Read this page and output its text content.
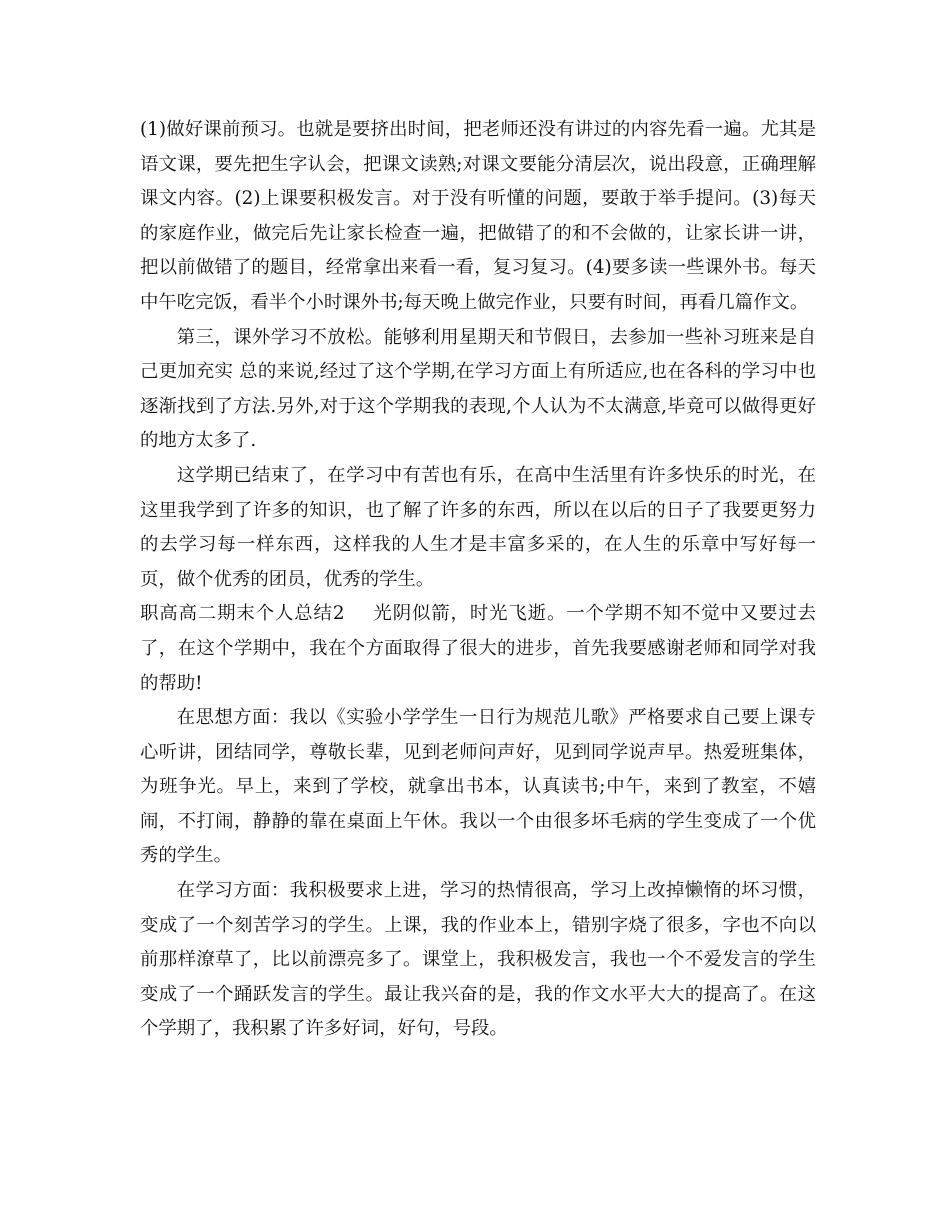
(1)做好课前预习。也就是要挤出时间，把老师还没有讲过的内容先看一遍。尤其是语文课，要先把生字认会，把课文读熟;对课文要能分清层次，说出段意，正确理解课文内容。(2)上课要积极发言。对于没有听懂的问题，要敢于举手提问。(3)每天的家庭作业，做完后先让家长检查一遍，把做错了的和不会做的，让家长讲一讲，把以前做错了的题目，经常拿出来看一看，复习复习。(4)要多读一些课外书。每天中午吃完饭，看半个小时课外书;每天晚上做完作业，只要有时间，再看几篇作文。

第三，课外学习不放松。能够利用星期天和节假日，去参加一些补习班来是自己更加充实 总的来说,经过了这个学期,在学习方面上有所适应,也在各科的学习中也逐渐找到了方法.另外,对于这个学期我的表现,个人认为不太满意,毕竟可以做得更好的地方太多了.

这学期已结束了，在学习中有苦也有乐，在高中生活里有许多快乐的时光，在这里我学到了许多的知识，也了解了许多的东西，所以在以后的日子了我要更努力的去学习每一样东西，这样我的人生才是丰富多采的，在人生的乐章中写好每一页，做个优秀的团员，优秀的学生。

职高高二期末个人总结2 光阴似箭，时光飞逝。一个学期不知不觉中又要过去了，在这个学期中，我在个方面取得了很大的进步，首先我要感谢老师和同学对我的帮助!

在思想方面：我以《实验小学学生一日行为规范儿歌》严格要求自己要上课专心听讲，团结同学，尊敬长辈，见到老师问声好，见到同学说声早。热爱班集体，为班争光。早上，来到了学校，就拿出书本，认真读书;中午，来到了教室，不嬉闹，不打闹，静静的靠在桌面上午休。我以一个由很多坏毛病的学生变成了一个优秀的学生。

在学习方面：我积极要求上进，学习的热情很高，学习上改掉懒惰的坏习惯，变成了一个刻苦学习的学生。上课，我的作业本上，错别字烧了很多，字也不向以前那样潦草了，比以前漂亮多了。课堂上，我积极发言，我也一个不爱发言的学生变成了一个踊跃发言的学生。最让我兴奋的是，我的作文水平大大的提高了。在这个学期了，我积累了许多好词，好句，号段。
